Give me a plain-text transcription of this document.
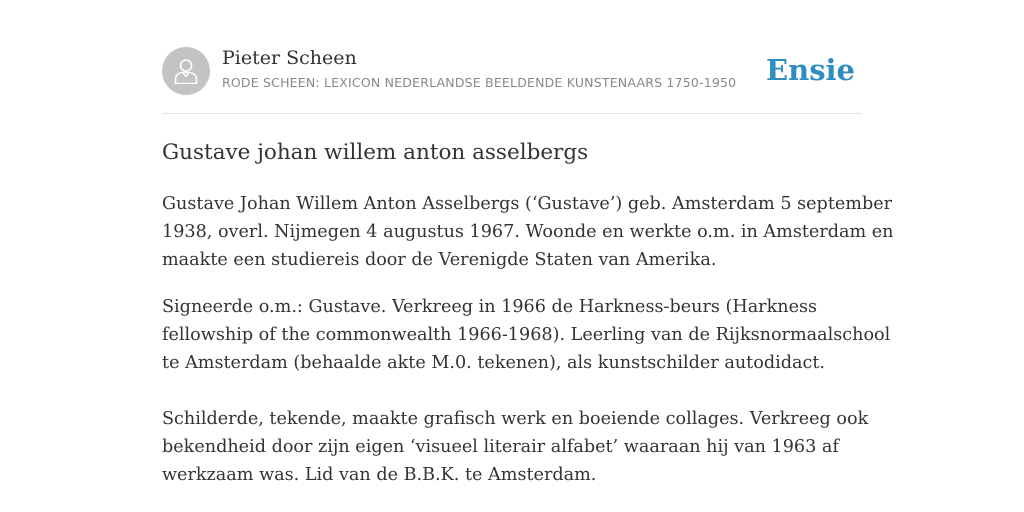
Pieter Scheen
RODE SCHEEN: LEXICON NEDERLANDSE BEELDENDE KUNSTENAARS 1750-1950 Ensie
Gustave johan willem anton asselbergs

Gustave Johan Willem Anton Asselbergs (‘Gustave’) geb. Amsterdam 5 september
1938, overl. Nijmegen 4 augustus 1967. Woonde en werkte o.m. in Amsterdam en
maakte een studiereis door de Verenigde Staten van Amerika.

Signeerde o.m.: Gustave. Verkreeg in 1966 de Harkness-beurs (Harkness
fellowship of the commonwealth 1966-1968). Leerling van de Rijksnormaalschool
te Amsterdam (behaalde akte M.0. tekenen), als kunstschilder autodidact.

Schilderde, tekende, maakte grafisch werk en boeiende collages. Verkreeg ook
bekendheid door zijn eigen ‘visueel literair alfabet’ waaraan hij van 1963 af
werkzaam was. Lid van de B.B.K. te Amsterdam.
